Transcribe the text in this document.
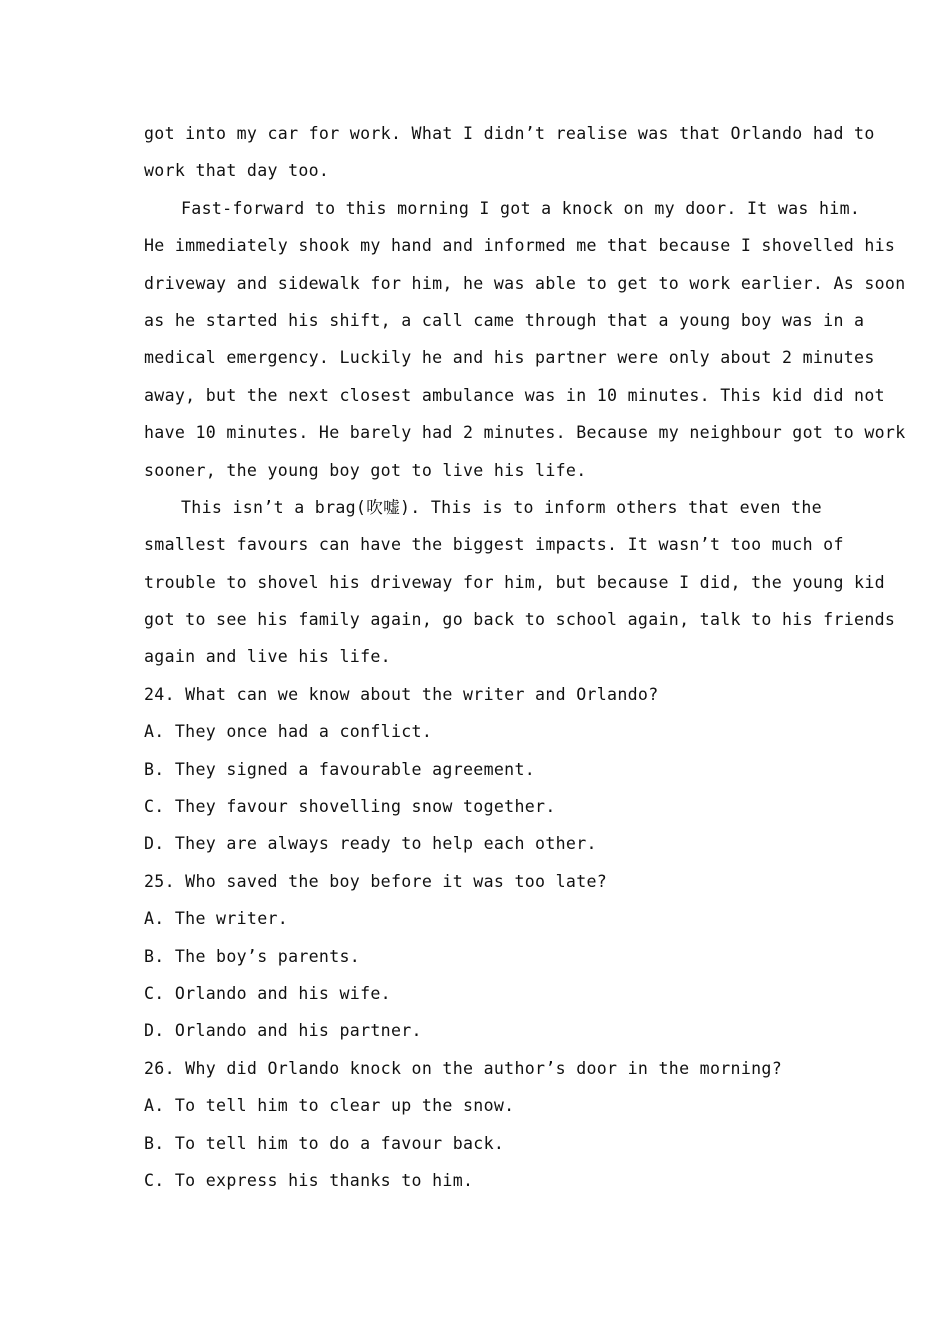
got into my car for work. What I didn’t realise was that Orlando had to
work that day too.
Fast-forward to this morning I got a knock on my door. It was him.
He immediately shook my hand and informed me that because I shovelled his
driveway and sidewalk for him, he was able to get to work earlier. As soon
as he started his shift, a call came through that a young boy was in a
medical emergency. Luckily he and his partner were only about 2 minutes
away, but the next closest ambulance was in 10 minutes. This kid did not
have 10 minutes. He barely had 2 minutes. Because my neighbour got to work
sooner, the young boy got to live his life.
This isn’t a brag(吹嘘). This is to inform others that even the
smallest favours can have the biggest impacts. It wasn’t too much of
trouble to shovel his driveway for him, but because I did, the young kid
got to see his family again, go back to school again, talk to his friends
again and live his life.
24. What can we know about the writer and Orlando?
A. They once had a conflict.
B. They signed a favourable agreement.
C. They favour shovelling snow together.
D. They are always ready to help each other.
25. Who saved the boy before it was too late?
A. The writer.
B. The boy’s parents.
C. Orlando and his wife.
D. Orlando and his partner.
26. Why did Orlando knock on the author’s door in the morning?
A. To tell him to clear up the snow.
B. To tell him to do a favour back.
C. To express his thanks to him.
